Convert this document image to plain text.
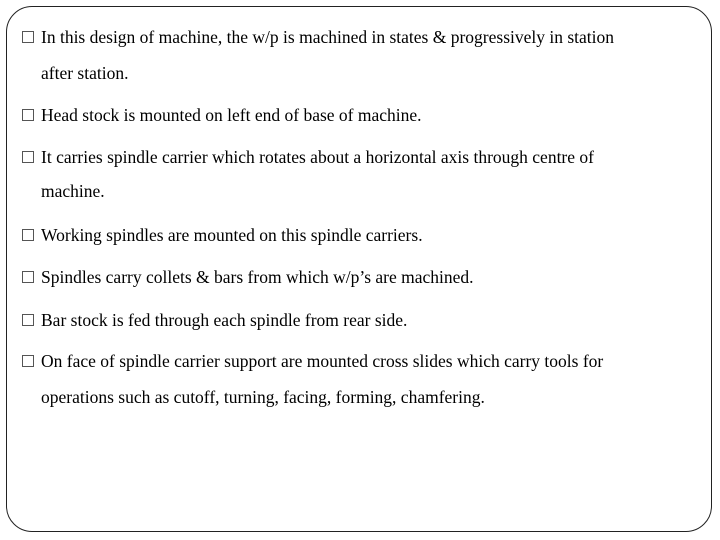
In this design of machine, the w/p is machined in states & progressively in station
after station.
Head stock is mounted on left end of base of machine.
It carries spindle carrier which rotates about a horizontal axis through centre of
machine.
Working spindles are mounted on this spindle carriers.
Spindles carry collets & bars from which w/p’s are machined.
Bar stock is fed through each spindle from rear side.
On face of spindle carrier support are mounted cross slides which carry tools for
operations such as cutoff, turning, facing, forming, chamfering.
